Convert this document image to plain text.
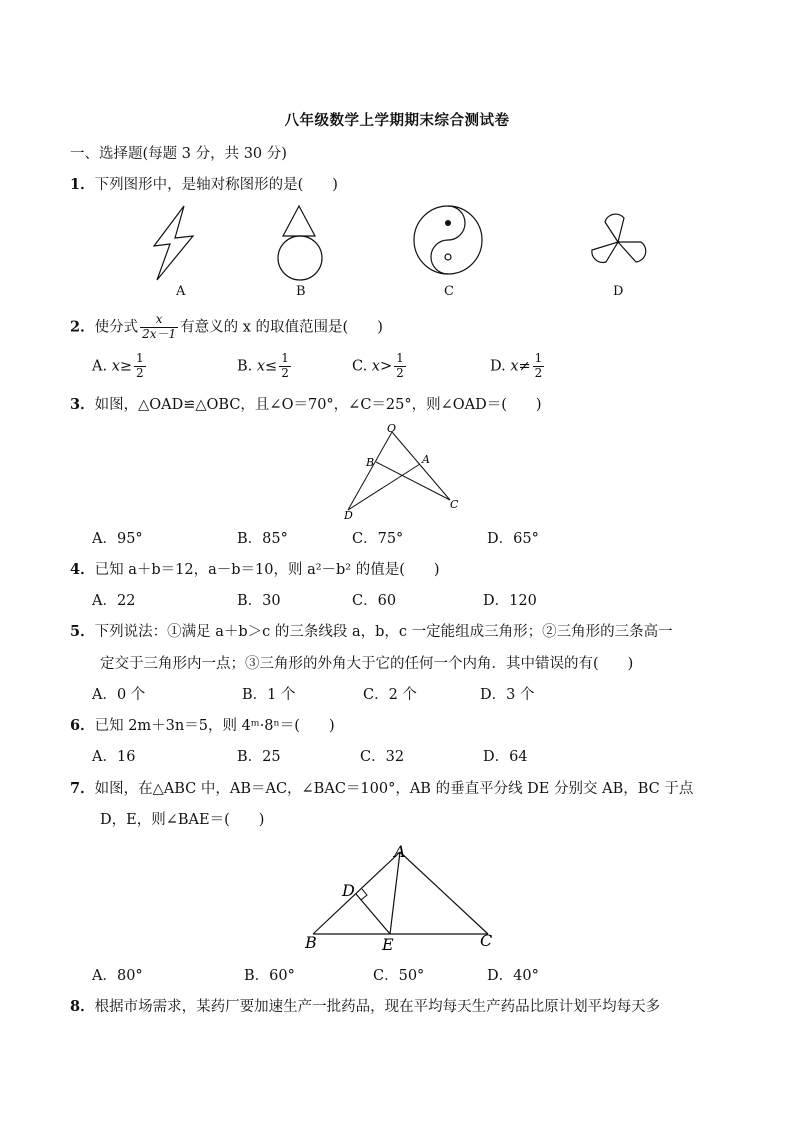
八年级数学上学期期末综合测试卷
一、选择题(每题 3 分，共 30 分)
1．下列图形中，是轴对称图形的是(　　)
A	B	C	D
2．使分式 $\frac{x}{2x-1}$ 有意义的 x 的取值范围是(　　)
A. $x\ge \frac{1}{2}$	B. $x\le \frac{1}{2}$	C. $x> \frac{1}{2}$	D. $x\ne \frac{1}{2}$
3．如图，△OAD≌△OBC，且∠O＝70°，∠C＝25°，则∠OAD＝(　　)
O
B	A
D
C
A．95°	B．85°	C．75°	D．65°
4．已知 a＋b＝12，a－b＝10，则 a²－b² 的值是(　　)
A．22	B．30	C．60	D．120
5．下列说法：①满足 a＋b＞c 的三条线段 a，b，c 一定能组成三角形；②三角形的三条高一
定交于三角形内一点；③三角形的外角大于它的任何一个内角．其中错误的有(　　)
A．0 个	B．1 个	C．2 个	D．3 个
6．已知 2m＋3n＝5，则 4ᵐ·8ⁿ＝(　　)
A．16	B．25	C．32	D．64
7．如图，在△ABC 中，AB＝AC，∠BAC＝100°，AB 的垂直平分线 DE 分别交 AB，BC 于点
D，E，则∠BAE＝(　　)
A
D
B	E	C
A．80°	B．60°	C．50°	D．40°
8．根据市场需求，某药厂要加速生产一批药品，现在平均每天生产药品比原计划平均每天多
